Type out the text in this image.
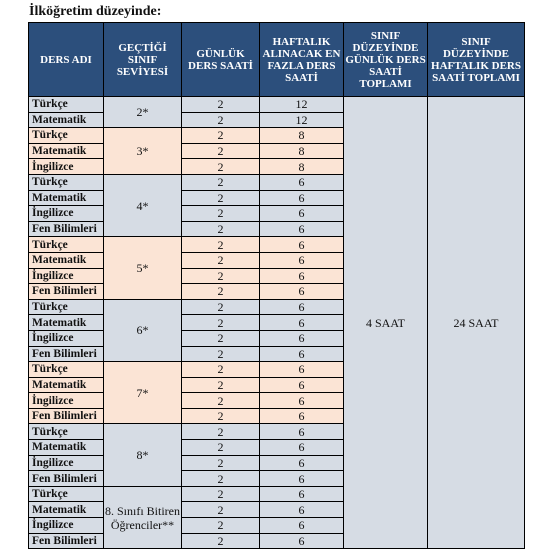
İlköğretim düzeyinde:
DERS ADI	GEÇTİĞİ SINIF SEVİYESİ	GÜNLÜK DERS SAATİ	HAFTALIK ALINACAK EN FAZLA DERS SAATİ	SINIF DÜZEYİNDE GÜNLÜK DERS SAATİ TOPLAMI	SINIF DÜZEYİNDE HAFTALIK DERS SAATİ TOPLAMI
Türkçe	2*	2	12	4 SAAT	24 SAAT
Matematik		2	12		
Türkçe	3*	2	8		
Matematik		2	8		
İngilizce		2	8		
Türkçe	4*	2	6		
Matematik		2	6		
İngilizce		2	6		
Fen Bilimleri		2	6		
Türkçe	5*	2	6		
Matematik		2	6		
İngilizce		2	6		
Fen Bilimleri		2	6		
Türkçe	6*	2	6		
Matematik		2	6		
İngilizce		2	6		
Fen Bilimleri		2	6		
Türkçe	7*	2	6		
Matematik		2	6		
İngilizce		2	6		
Fen Bilimleri		2	6		
Türkçe	8*	2	6		
Matematik		2	6		
İngilizce		2	6		
Fen Bilimleri		2	6		
Türkçe	8. Sınıfı Bitiren Öğrenciler**	2	6		
Matematik		2	6		
İngilizce		2	6		
Fen Bilimleri		2	6		
